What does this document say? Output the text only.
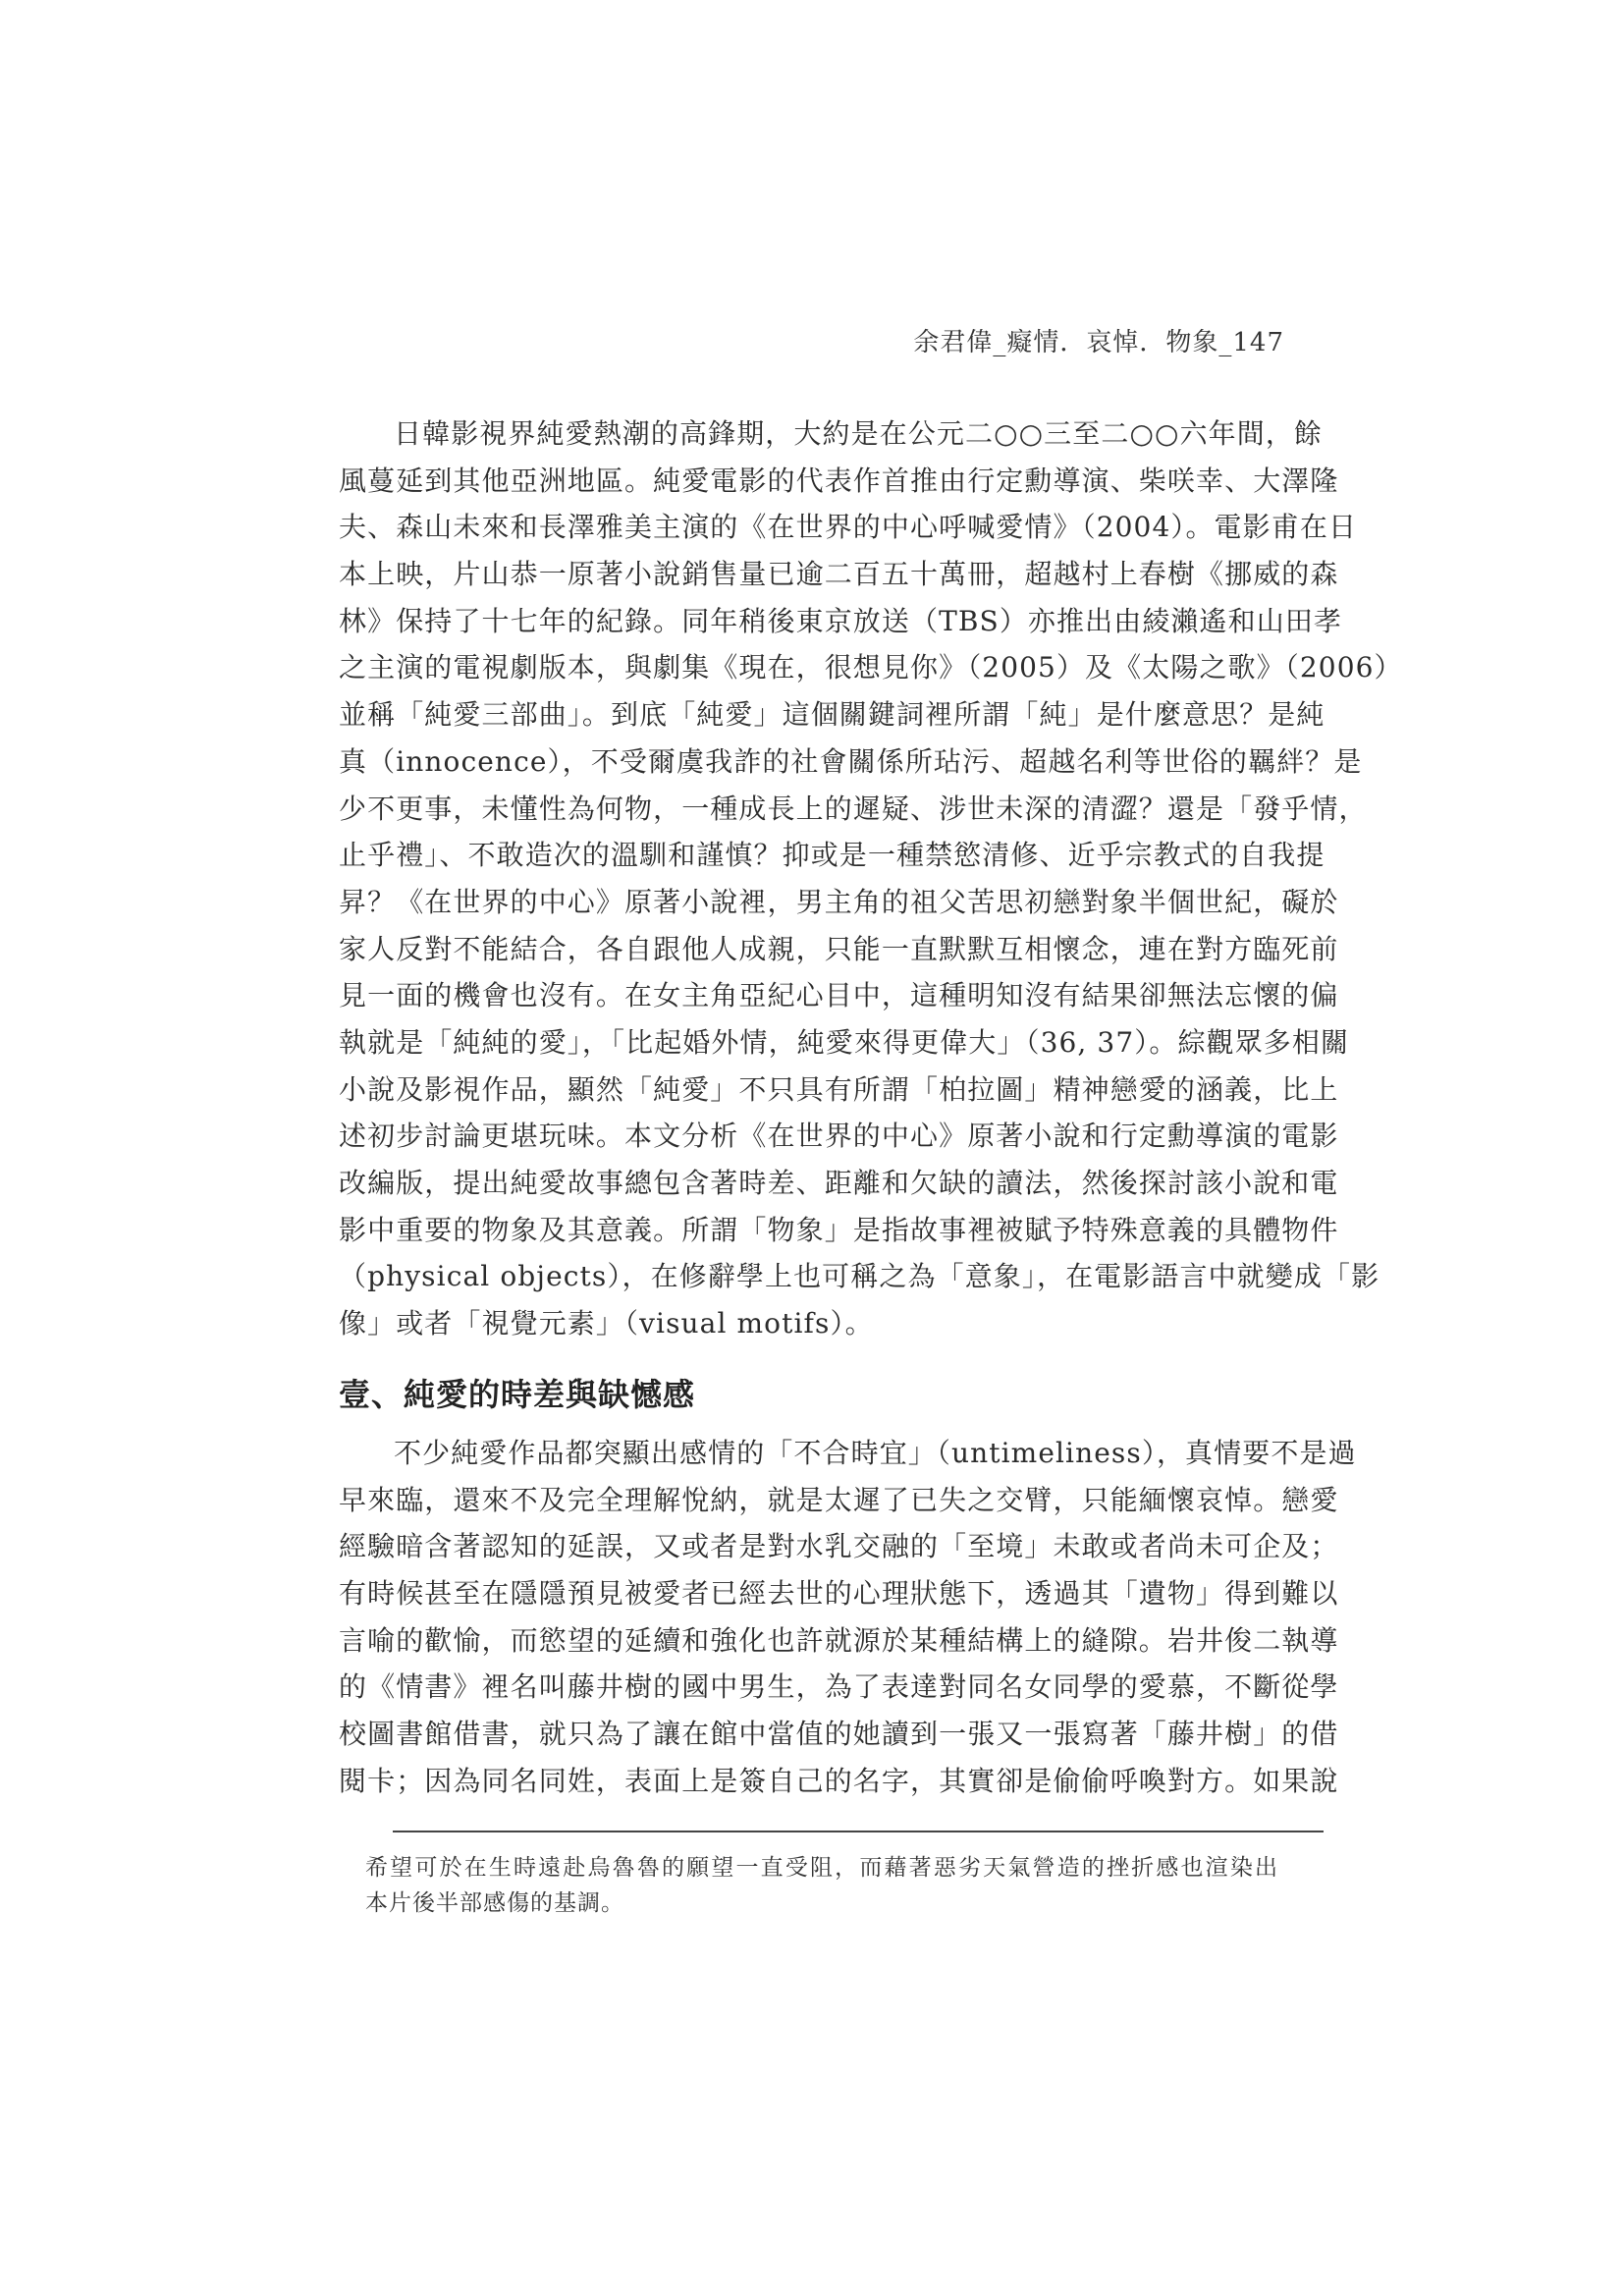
余君偉_癡情．哀悼．物象_147
日韓影視界純愛熱潮的高鋒期，大約是在公元二○○三至二○○六年間，餘
風蔓延到其他亞洲地區。純愛電影的代表作首推由行定勳導演、柴咲幸、大澤隆
夫、森山未來和長澤雅美主演的《在世界的中心呼喊愛情》（2004）。電影甫在日
本上映，片山恭一原著小說銷售量已逾二百五十萬冊，超越村上春樹《挪威的森
林》保持了十七年的紀錄。同年稍後東京放送（TBS）亦推出由綾瀨遙和山田孝
之主演的電視劇版本，與劇集《現在，很想見你》（2005）及《太陽之歌》（2006）
並稱「純愛三部曲」。到底「純愛」這個關鍵詞裡所謂「純」是什麼意思？是純
真（innocence），不受爾虞我詐的社會關係所玷污、超越名利等世俗的羈絆？是
少不更事，未懂性為何物，一種成長上的遲疑、涉世未深的清澀？還是「發乎情，
止乎禮」、不敢造次的溫馴和謹慎？抑或是一種禁慾清修、近乎宗教式的自我提
昇？《在世界的中心》原著小說裡，男主角的祖父苦思初戀對象半個世紀，礙於
家人反對不能結合，各自跟他人成親，只能一直默默互相懷念，連在對方臨死前
見一面的機會也沒有。在女主角亞紀心目中，這種明知沒有結果卻無法忘懷的偏
執就是「純純的愛」，「比起婚外情，純愛來得更偉大」（36, 37）。綜觀眾多相關
小說及影視作品，顯然「純愛」不只具有所謂「柏拉圖」精神戀愛的涵義，比上
述初步討論更堪玩味。本文分析《在世界的中心》原著小說和行定勳導演的電影
改編版，提出純愛故事總包含著時差、距離和欠缺的讀法，然後探討該小說和電
影中重要的物象及其意義。所謂「物象」是指故事裡被賦予特殊意義的具體物件
（physical objects），在修辭學上也可稱之為「意象」，在電影語言中就變成「影
像」或者「視覺元素」（visual motifs）。
壹、純愛的時差與缺憾感
不少純愛作品都突顯出感情的「不合時宜」（untimeliness），真情要不是過
早來臨，還來不及完全理解悅納，就是太遲了已失之交臂，只能緬懷哀悼。戀愛
經驗暗含著認知的延誤，又或者是對水乳交融的「至境」未敢或者尚未可企及；
有時候甚至在隱隱預見被愛者已經去世的心理狀態下，透過其「遺物」得到難以
言喻的歡愉，而慾望的延續和強化也許就源於某種結構上的縫隙。岩井俊二執導
的《情書》裡名叫藤井樹的國中男生，為了表達對同名女同學的愛慕，不斷從學
校圖書館借書，就只為了讓在館中當值的她讀到一張又一張寫著「藤井樹」的借
閱卡；因為同名同姓，表面上是簽自己的名字，其實卻是偷偷呼喚對方。如果說
希望可於在生時遠赴烏魯魯的願望一直受阻，而藉著惡劣天氣營造的挫折感也渲染出
本片後半部感傷的基調。
